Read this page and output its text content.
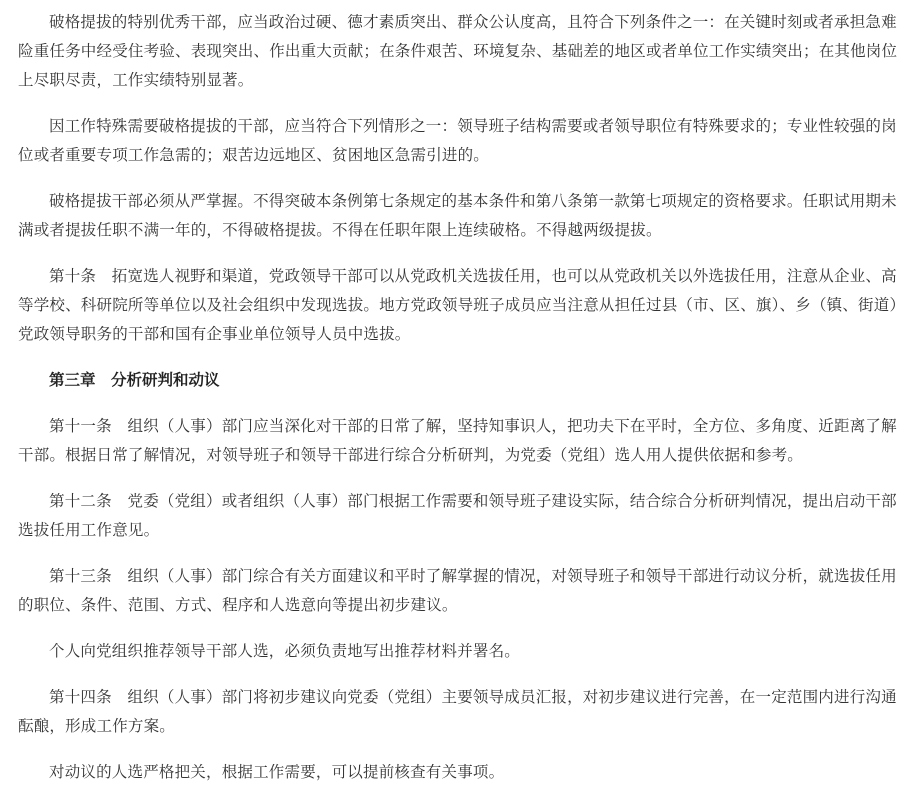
破格提拔的特别优秀干部，应当政治过硬、德才素质突出、群众公认度高，且符合下列条件之一：在关键时刻或者承担急难险重任务中经受住考验、表现突出、作出重大贡献；在条件艰苦、环境复杂、基础差的地区或者单位工作实绩突出；在其他岗位上尽职尽责，工作实绩特别显著。

因工作特殊需要破格提拔的干部，应当符合下列情形之一：领导班子结构需要或者领导职位有特殊要求的；专业性较强的岗位或者重要专项工作急需的；艰苦边远地区、贫困地区急需引进的。

破格提拔干部必须从严掌握。不得突破本条例第七条规定的基本条件和第八条第一款第七项规定的资格要求。任职试用期未满或者提拔任职不满一年的，不得破格提拔。不得在任职年限上连续破格。不得越两级提拔。

第十条　拓宽选人视野和渠道，党政领导干部可以从党政机关选拔任用，也可以从党政机关以外选拔任用，注意从企业、高等学校、科研院所等单位以及社会组织中发现选拔。地方党政领导班子成员应当注意从担任过县（市、区、旗）、乡（镇、街道）党政领导职务的干部和国有企事业单位领导人员中选拔。

第三章　分析研判和动议

第十一条　组织（人事）部门应当深化对干部的日常了解，坚持知事识人，把功夫下在平时，全方位、多角度、近距离了解干部。根据日常了解情况，对领导班子和领导干部进行综合分析研判，为党委（党组）选人用人提供依据和参考。

第十二条　党委（党组）或者组织（人事）部门根据工作需要和领导班子建设实际，结合综合分析研判情况，提出启动干部选拔任用工作意见。

第十三条　组织（人事）部门综合有关方面建议和平时了解掌握的情况，对领导班子和领导干部进行动议分析，就选拔任用的职位、条件、范围、方式、程序和人选意向等提出初步建议。

个人向党组织推荐领导干部人选，必须负责地写出推荐材料并署名。

第十四条　组织（人事）部门将初步建议向党委（党组）主要领导成员汇报，对初步建议进行完善，在一定范围内进行沟通酝酿，形成工作方案。

对动议的人选严格把关，根据工作需要，可以提前核查有关事项。
